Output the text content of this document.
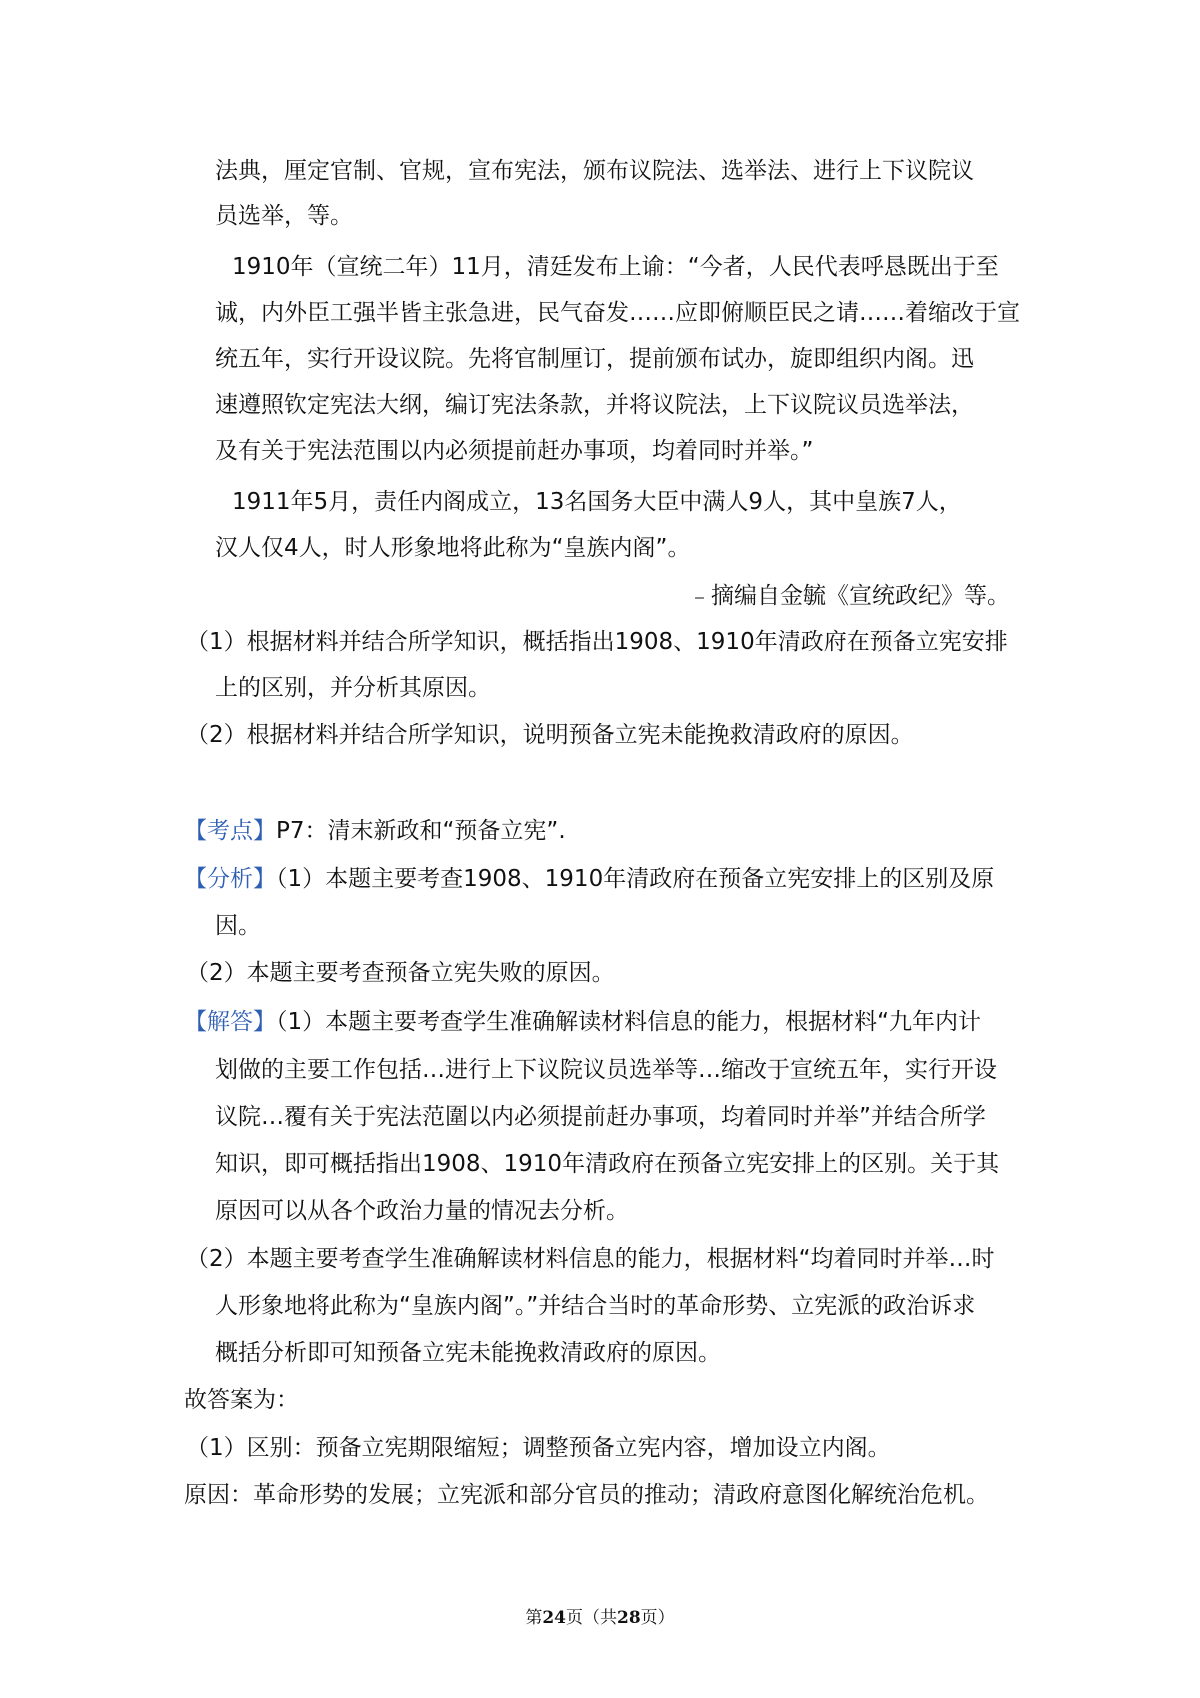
法典，厘定官制、官规，宣布宪法，颁布议院法、选举法、进行上下议院议
员选举，等。
1910年（宣统二年）11月，清廷发布上谕：“今者，人民代表呼恳既出于至
诚，内外臣工强半皆主张急进，民气奋发……应即俯顺臣民之请……着缩改于宣
统五年，实行开设议院。先将官制厘订，提前颁布试办，旋即组织内阁。迅
速遵照钦定宪法大纲，编订宪法条款，并将议院法，上下议院议员选举法，
及有关于宪法范围以内必须提前赶办事项，均着同时并举。”
1911年5月，责任内阁成立，13名国务大臣中满人9人，其中皇族7人，
汉人仅4人，时人形象地将此称为“皇族内阁”。
﹣摘编自金毓《宣统政纪》等。
（1）根据材料并结合所学知识，概括指出1908、1910年清政府在预备立宪安排
上的区别，并分析其原因。
（2）根据材料并结合所学知识，说明预备立宪未能挽救清政府的原因。
【考点】P7：清末新政和“预备立宪”.
【分析】（1）本题主要考查1908、1910年清政府在预备立宪安排上的区别及原
因。
（2）本题主要考查预备立宪失败的原因。
【解答】（1）本题主要考查学生准确解读材料信息的能力，根据材料“九年内计
划做的主要工作包括…进行上下议院议员选举等…缩改于宣统五年，实行开设
议院…覆有关于宪法范圍以内必须提前赶办事项，均着同时并举”并结合所学
知识，即可概括指出1908、1910年清政府在预备立宪安排上的区别。关于其
原因可以从各个政治力量的情况去分析。
（2）本题主要考查学生准确解读材料信息的能力，根据材料“均着同时并举…时
人形象地将此称为“皇族内阁”。”并结合当时的革命形势、立宪派的政治诉求
概括分析即可知预备立宪未能挽救清政府的原因。
故答案为：
（1）区别：预备立宪期限缩短；调整预备立宪内容，增加设立内阁。
原因：革命形势的发展；立宪派和部分官员的推动；清政府意图化解统治危机。
第24页（共28页）
